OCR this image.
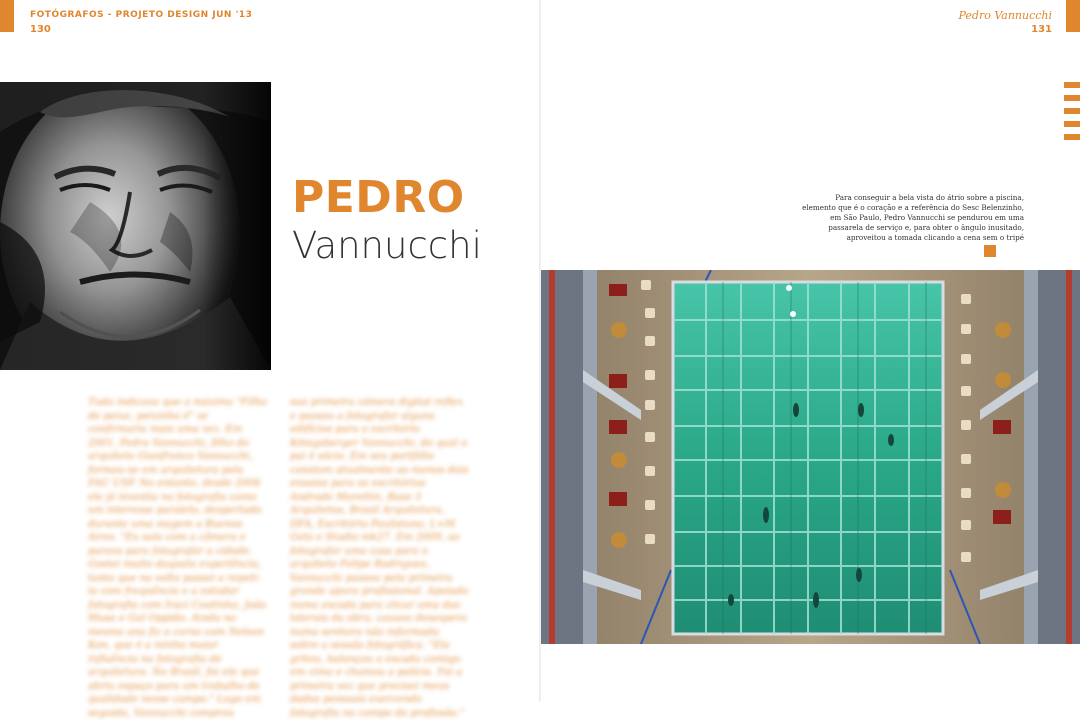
FOTÓGRAFOS - PROJETO DESIGN JUN '13
130
Pedro Vannucchi
131
PEDRO
Vannucchi
Tudo indicava que a máxima "Filho de peixe, peixinho é" se confirmaria mais uma vez. Em 2001, Pedro Vannucchi, filho do arquiteto Gianfranco Vannucchi, formou-se em arquitetura pela FAU USP. No entanto, desde 2006 ele já investia na fotografia como um interesse paralelo, despertado durante uma viagem a Buenos Aires. "Eu saía com a câmera e parava para fotografar a cidade. Gostei muito daquela experiência, tanto que na volta passei a repeti-la com frequência e a estudar fotografia com Iraci Coutinho, João Musa e Gal Oppido. Ainda no mesmo ano fiz o curso com Nelson Kon, que é a minha maior influência na fotografia de arquitetura. No Brasil, foi ele que abriu espaço para um trabalho de qualidade nesse campo." Logo em seguida, Vannucchi comprou
sua primeira câmera digital reflex e passou a fotografar alguns edifícios para o escritório Königsberger Vannucchi, do qual o pai é sócio. Em seu portfólio constam atualmente ao menos dois ensaios para os escritórios Andrade Morettin, Base 3 Arquitetos, Brasil Arquitetura, DFA, Escritório Paulistano, L+M Gets e Studio mk27. Em 2009, ao fotografar uma casa para o arquiteto Felipe Rodrigues, Vannucchi passou pelo primeiro grande apuro profissional. Apoiado numa escada para clicar uma das laterais da obra, causou desespero numa senhora não informada sobre a sessão fotográfica. "Ela gritou, balançou a escada comigo em cima e chamou a polícia. Foi a primeira vez que precisei meus dados pessoais exercendo fotografia no campo da profissão."
Para conseguir a bela vista do átrio sobre a piscina, elemento que é o coração e a referência do Sesc Belenzinho, em São Paulo, Pedro Vannucchi se pendurou em uma passarela de serviço e, para obter o ângulo inusitado, aproveitou a tomada clicando a cena sem o tripé
